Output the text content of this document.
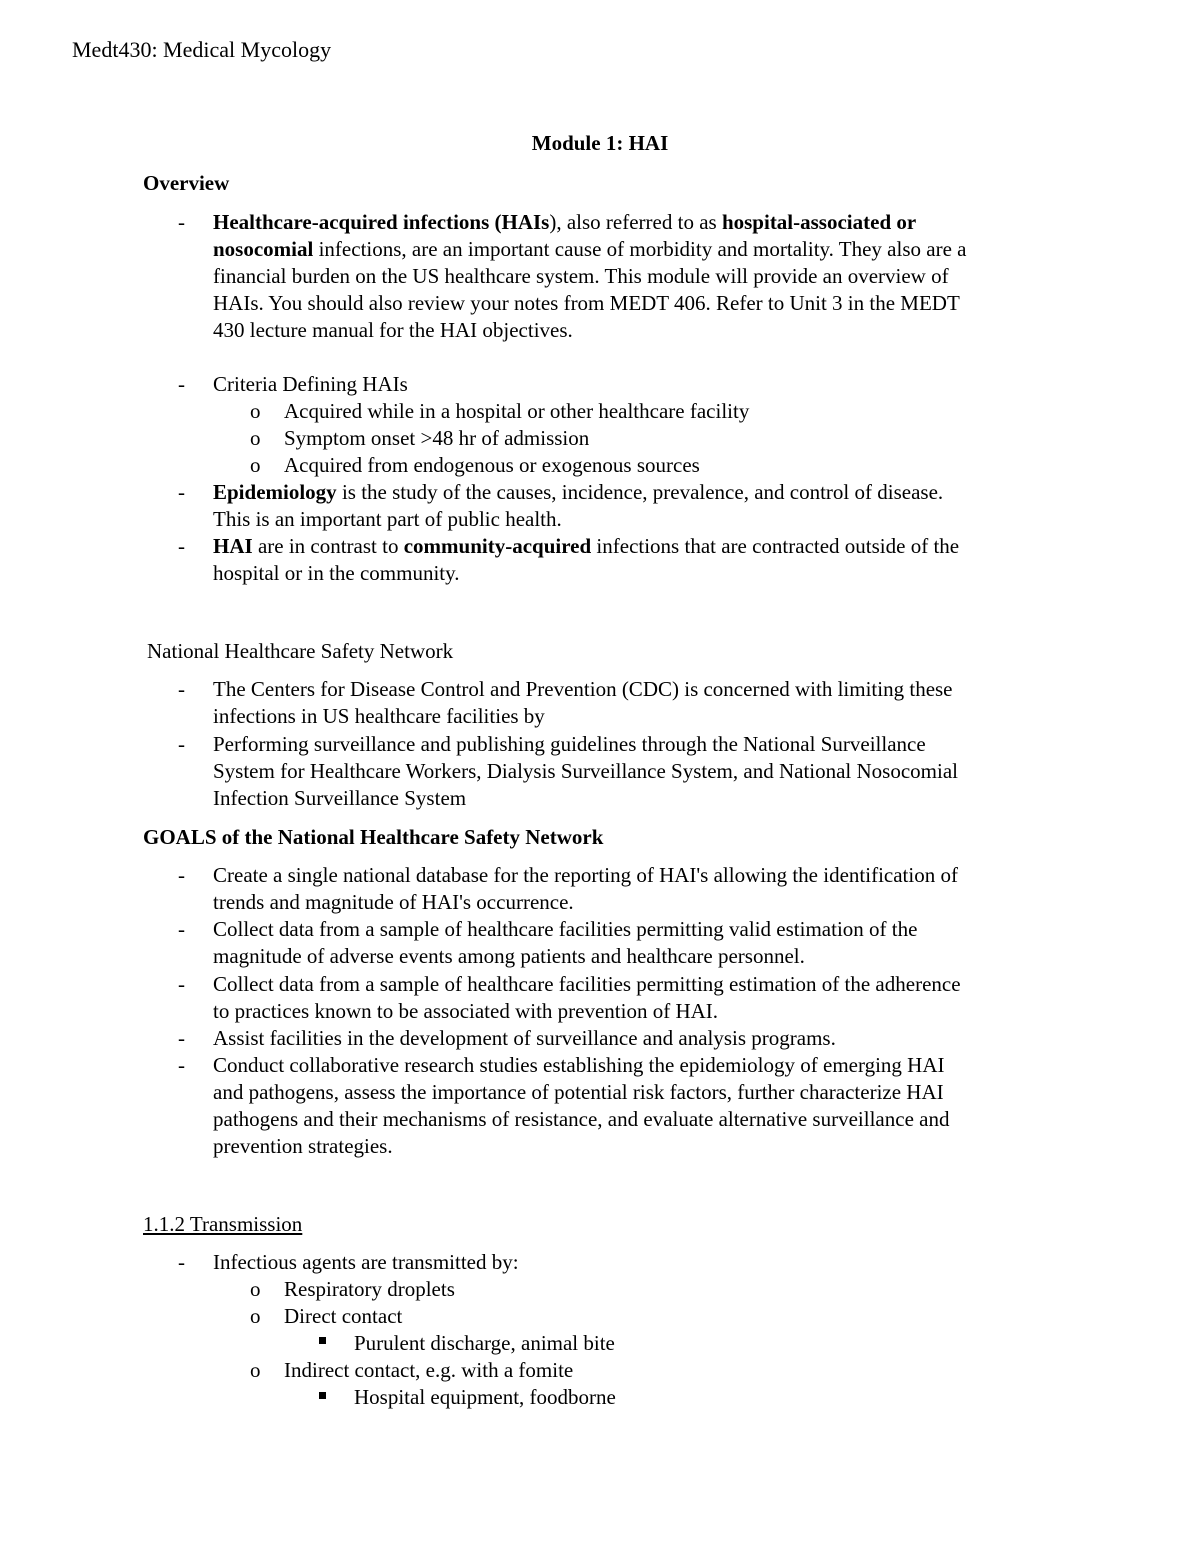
Medt430: Medical Mycology
Module 1: HAI
Overview
- Healthcare-acquired infections (HAIs), also referred to as hospital-associated or
nosocomial infections, are an important cause of morbidity and mortality. They also are a
financial burden on the US healthcare system. This module will provide an overview of
HAIs. You should also review your notes from MEDT 406. Refer to Unit 3 in the MEDT
430 lecture manual for the HAI objectives.
- Criteria Defining HAIs
o Acquired while in a hospital or other healthcare facility
o Symptom onset >48 hr of admission
o Acquired from endogenous or exogenous sources
- Epidemiology is the study of the causes, incidence, prevalence, and control of disease.
This is an important part of public health.
- HAI are in contrast to community-acquired infections that are contracted outside of the
hospital or in the community.
National Healthcare Safety Network
- The Centers for Disease Control and Prevention (CDC) is concerned with limiting these
infections in US healthcare facilities by
- Performing surveillance and publishing guidelines through the National Surveillance
System for Healthcare Workers, Dialysis Surveillance System, and National Nosocomial
Infection Surveillance System
GOALS of the National Healthcare Safety Network
- Create a single national database for the reporting of HAI's allowing the identification of
trends and magnitude of HAI's occurrence.
- Collect data from a sample of healthcare facilities permitting valid estimation of the
magnitude of adverse events among patients and healthcare personnel.
- Collect data from a sample of healthcare facilities permitting estimation of the adherence
to practices known to be associated with prevention of HAI.
- Assist facilities in the development of surveillance and analysis programs.
- Conduct collaborative research studies establishing the epidemiology of emerging HAI
and pathogens, assess the importance of potential risk factors, further characterize HAI
pathogens and their mechanisms of resistance, and evaluate alternative surveillance and
prevention strategies.
1.1.2 Transmission
- Infectious agents are transmitted by:
o Respiratory droplets
o Direct contact
Purulent discharge, animal bite
o Indirect contact, e.g. with a fomite
Hospital equipment, foodborne
